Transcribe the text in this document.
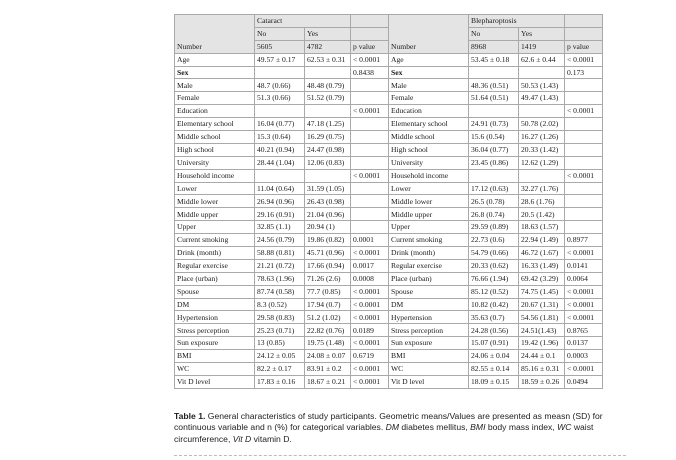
Number	Cataract			Number	Blepharoptosis		
	No	Yes			No	Yes	
	5605	4782	p value		8968	1419	p value
Age	49.57 ± 0.17	62.53 ± 0.31	< 0.0001	Age	53.45 ± 0.18	62.6 ± 0.44	< 0.0001
Sex			0.8438	Sex			0.173
Male	48.7 (0.66)	48.48 (0.79)		Male	48.36 (0.51)	50.53 (1.43)	
Female	51.3 (0.66)	51.52 (0.79)		Female	51.64 (0.51)	49.47 (1.43)	
Education			< 0.0001	Education			< 0.0001
Elementary school	16.04 (0.77)	47.18 (1.25)		Elementary school	24.91 (0.73)	50.78 (2.02)	
Middle school	15.3 (0.64)	16.29 (0.75)		Middle school	15.6 (0.54)	16.27 (1.26)	
High school	40.21 (0.94)	24.47 (0.98)		High school	36.04 (0.77)	20.33 (1.42)	
University	28.44 (1.04)	12.06 (0.83)		University	23.45 (0.86)	12.62 (1.29)	
Household income			< 0.0001	Household income			< 0.0001
Lower	11.04 (0.64)	31.59 (1.05)		Lower	17.12 (0.63)	32.27 (1.76)	
Middle lower	26.94 (0.96)	26.43 (0.98)		Middle lower	26.5 (0.78)	28.6 (1.76)	
Middle upper	29.16 (0.91)	21.04 (0.96)		Middle upper	26.8 (0.74)	20.5 (1.42)	
Upper	32.85 (1.1)	20.94 (1)		Upper	29.59 (0.89)	18.63 (1.57)	
Current smoking	24.56 (0.79)	19.86 (0.82)	0.0001	Current smoking	22.73 (0.6)	22.94 (1.49)	0.8977
Drink (month)	58.88 (0.81)	45.71 (0.96)	< 0.0001	Drink (month)	54.79 (0.66)	46.72 (1.67)	< 0.0001
Regular exercise	21.21 (0.72)	17.66 (0.94)	0.0017	Regular exercise	20.33 (0.62)	16.33 (1.49)	0.0141
Place (urban)	78.63 (1.96)	71.26 (2.6)	0.0008	Place (urban)	76.66 (1.94)	69.42 (3.29)	0.0064
Spouse	87.74 (0.58)	77.7 (0.85)	< 0.0001	Spouse	85.12 (0.52)	74.75 (1.45)	< 0.0001
DM	8.3 (0.52)	17.94 (0.7)	< 0.0001	DM	10.82 (0.42)	20.67 (1.31)	< 0.0001
Hypertension	29.58 (0.83)	51.2 (1.02)	< 0.0001	Hypertension	35.63 (0.7)	54.56 (1.81)	< 0.0001
Stress perception	25.23 (0.71)	22.82 (0.76)	0.0189	Stress perception	24.28 (0.56)	24.51(1.43)	0.8765
Sun exposure	13 (0.85)	19.75 (1.48)	< 0.0001	Sun exposure	15.07 (0.91)	19.42 (1.96)	0.0137
BMI	24.12 ± 0.05	24.08 ± 0.07	0.6719	BMI	24.06 ± 0.04	24.44 ± 0.1	0.0003
WC	82.2 ± 0.17	83.91 ± 0.2	< 0.0001	WC	82.55 ± 0.14	85.16 ± 0.31	< 0.0001
Vit D level	17.83 ± 0.16	18.67 ± 0.21	< 0.0001	Vit D level	18.09 ± 0.15	18.59 ± 0.26	0.0494
Table 1. General characteristics of study participants. Geometric means/Values are presented as measn (SD) for continuous variable and n (%) for categorical variables. DM diabetes mellitus, BMI body mass index, WC waist circumference, Vit D vitamin D.
